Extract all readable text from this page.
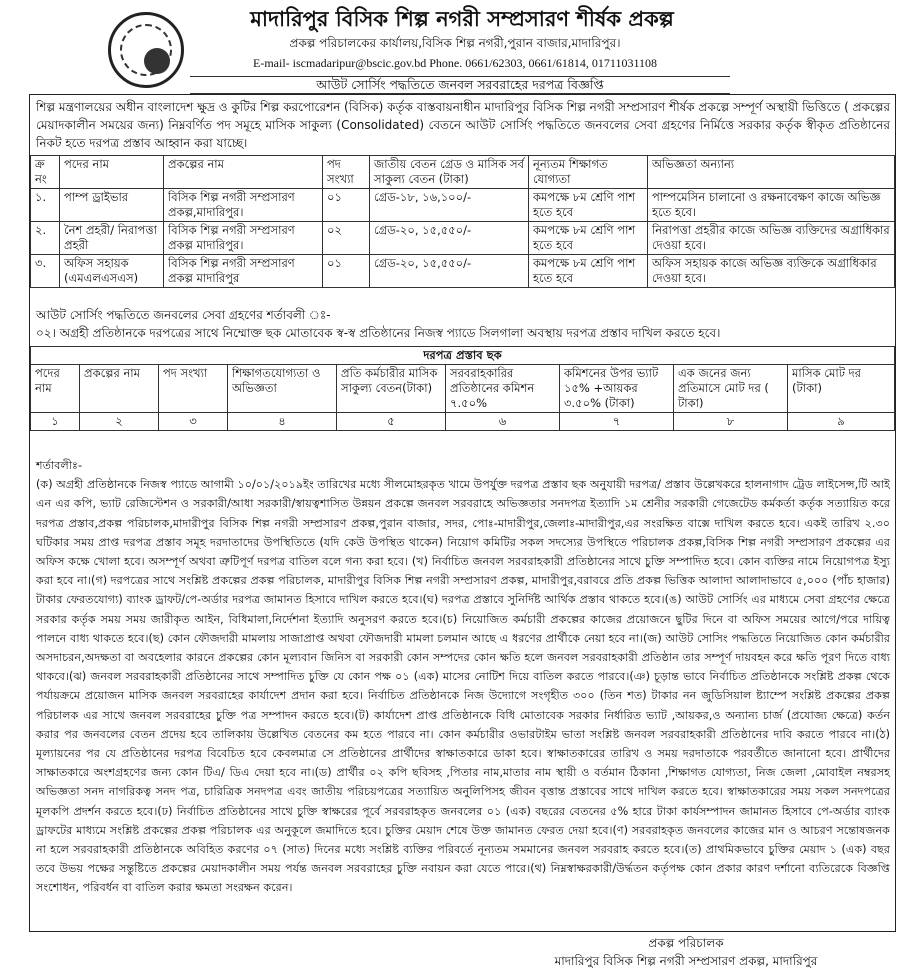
মাদারিপুর বিসিক শিল্প নগরী সম্প্রসারণ শীর্ষক প্রকল্প
প্রকল্প পরিচালকের কার্যালয়,বিসিক শিল্প নগরী,পুরান বাজার,মাদারিপুর।
E-mail- iscmadaripur@bscic.gov.bd Phone. 0661/62303, 0661/61814, 01711031108
আউট সোর্সিং পদ্ধতিতে জনবল সরবরাহের দরপত্র বিজ্ঞপ্তি
শিল্প মন্ত্রণালয়ের অধীন বাংলাদেশ ক্ষুদ্র ও কুটির শিল্প করপোরেশন (বিসিক) কর্তৃক বাস্তবায়নাধীন মাদারিপুর বিসিক শিল্প নগরী সম্প্রসারণ শীর্ষক প্রকল্পে সম্পূর্ণ অস্থায়ী ভিত্তিতে ( প্রকল্পের মেয়াদকালীন সময়ের জন্য) নিম্নবর্ণিত পদ সমূহে মাসিক সাকুল্য (Consolidated) বেতনে আউট সোর্সিং পদ্ধতিতে জনবলের সেবা গ্রহণের নির্মিত্তে সরকার কর্তৃক স্বীকৃত প্রতিষ্ঠানের নিকট হতে দরপত্র প্রস্তাব আহ্বান করা যাচ্ছে।
ক্র নং	পদের নাম	প্রকল্পের নাম	পদ সংখ্যা	জাতীয় বেতন গ্রেড ও মাসিক সর্ব সাকুল্য বেতন (টাকা)	নূন্যতম শিক্ষাগত যোগ্যতা	অভিজ্ঞতা অন্যান্য
১.	পাম্প ড্রাইভার	বিসিক শিল্প নগরী সম্প্রসারণ প্রকল্প,মাদারিপুর।	০১	গ্রেড-১৮, ১৬,১০০/-	কমপক্ষে ৮ম শ্রেণি পাশ হতে হবে	পাম্পমেসিন চালানো ও রক্ষনাবেক্ষণ কাজে অভিজ্ঞ হতে হবে।
২.	নৈশ প্রহরী/ নিরাপত্তা প্রহরী	বিসিক শিল্প নগরী সম্প্রসারণ প্রকল্প মাদারিপুর।	০২	গ্রেড-২০, ১৫,৫৫০/-	কমপক্ষে ৮ম শ্রেণি পাশ হতে হবে	নিরাপত্তা প্রহরীর কাজে অভিজ্ঞ ব্যক্তিদের অগ্রাধিকার দেওয়া হবে।
৩.	অফিস সহায়ক (এমএলএসএস)	বিসিক শিল্প নগরী সম্প্রসারণ প্রকল্প মাদারিপুর	০১	গ্রেড-২০, ১৫,৫৫০/-	কমপক্ষে ৮ম শ্রেণি পাশ হতে হবে	অফিস সহায়ক কাজে অভিজ্ঞ ব্যক্তিকে অগ্রাধিকার দেওয়া হবে।
আউট সোর্সিং পদ্ধতিতে জনবলের সেবা গ্রহণের শর্তাবলী ঃ-
০২। অগ্রহী প্রতিষ্ঠানকে দরপত্রের সাথে নিম্মোক্ত ছক মোতাবেক স্ব-স্ব প্রতিষ্ঠানের নিজস্ব প্যাডে সিলগালা অবস্থায় দরপত্র প্রস্তাব দাখিল করতে হবে।
দরপত্র প্রস্তাব ছক								
পদের নাম	প্রকল্পের নাম	পদ সংখ্যা	শিক্ষাগতযোগ্যতা ও অভিজ্ঞতা	প্রতি কর্মচারীর মাসিক সাকুল্য বেতন(টাকা)	সরবরাহকারির প্রতিষ্ঠানের কমিশন ৭.৫০%	কমিশনের উপর ভ্যাট ১৫% +আয়কর ৩.৫০% (টাকা)	এক জনের জন্য প্রতিমাসে মোট দর ( টাকা)	মাসিক মোট দর (টাকা)
১	২	৩	৪	৫	৬	৭	৮	৯
শর্তাবলীঃ-
(ক) অগ্রহী প্রতিষ্ঠানকে নিজস্ব প্যাডে আগামী ১০/০১/২০১৯ইং তারিখের মধ্যে সীলমোহরকৃত খামে উপর্যুক্ত দরপত্র প্রস্তাব ছক অনুযায়ী দরপত্র/ প্রস্তাব উল্লেখকরে হালনাগাদ ট্রেড লাইসেন্স,টি আই এন এর কপি, ভ্যাট রেজিস্টেশন ও সরকারী/আধা সরকারী/স্বায়ত্বশাসিত উন্নয়ন প্রকল্পে জনবল সরবরাহে অভিজ্ঞতার সনদপত্র ইত্যাদি ১ম শ্রেনীর সরকারী গেজেটেড কর্মকর্তা কর্তৃক সত্যায়িত করে দরপত্র প্রস্তাব,প্রকল্প পরিচালক,মাদারীপুর বিসিক শিল্প নগরী সম্প্রসারণ প্রকল্প,পুরান বাজার, সদর, পোঃ-মাদারীপুর,জেলাঃ-মাদারীপুর,এর সংরক্ষিত বাক্সে দাখিল করতে হবে। একই তারিখ ২.৩০ ঘটিকার সময় প্রাপ্ত দরপত্র প্রস্তাব সমূহ দরদাতাদের উপস্থিতিতে (যদি কেউ উপস্থিত থাকেন) নিয়োগ কমিটির সকল সদস্যের উপস্থিতে পরিচালক প্রকল্প,বিসিক শিল্প নগরী সম্প্রসারণ প্রকল্পের এর অফিস কক্ষে খোলা হবে। অসম্পূর্ণ অথবা ত্রুটিপূর্ণ দরপত্র বাতিল বলে গন্য করা হবে। (খ) নির্বাচিত জনবল সরবরাহকারী প্রতিষ্ঠানের সাথে চুক্তি সম্পাদিত হবে। কোন ব্যক্তির নামে নিয়োগপত্র ইস্যু করা হবে না।(গ) দরপত্রের সাথে সংশ্লিষ্ট প্রকল্পের প্রকল্প পরিচালক, মাদারীপুর বিসিক শিল্প নগরী সম্প্রসারণ প্রকল্প, মাদারীপুর,বরাবরে প্রতি প্রকল্প ভিত্তিক আলাদা আলাদাভাবে ৫,০০০ (পাঁচ হাজার) টাকার ফেরতযোগ্য) ব্যাংক ড্রাফট/পে-অর্ডার দরপত্র জামানত হিসাবে দাখিল করতে হবে।(ঘ) দরপত্র প্রস্তাবে সুনির্দিষ্ট আর্থিক প্রস্তাব থাকতে হবে।(ঙ) আউট সোর্সিং এর মাধ্যমে সেবা গ্রহণের ক্ষেত্রে সরকার কর্তৃক সময় সময় জারীকৃত আইন, বিধিমালা,নির্দেশনা ইত্যাদি অনুসরণ করতে হবে।(চ) নিয়োজিত কর্মচারী প্রকল্পের কাজের প্রয়োজনে ছুটির দিনে বা অফিস সময়ের আগে/পরে দায়িত্ব পালনে বাধ্য থাকতে হবে।(ছ) কোন ফৌজদারী মামলায় সাজাপ্রাপ্ত অথবা ফৌজদারী মামলা চলমান আছে এ ধরণের প্রার্থীকে নেয়া হবে না।(জ) আউট সোসিং পদ্ধতিতে নিয়োজিত কোন কর্মচারীর অসদাচরন,অদক্ষতা বা অবহেলার কারনে প্রকল্পের কোন মূল্যবান জিনিস বা সরকারী কোন সম্পদের কোন ক্ষতি হলে জনবল সরবরাহকারী প্রতিষ্ঠান তার সম্পূর্ণ দায়বহন করে ক্ষতি পূরণ দিতে বাধ্য থাকবে।(ঝ) জনবল সরবরাহকারী প্রতিষ্ঠানের সাথে সম্পাদিত চুক্তি যে কোন পক্ষ ০১ (এক) মাসের নোটিশ দিয়ে বাতিল করতে পারবে।(ঞ) চূড়ান্ত ভাবে নির্বাচিত প্রতিষ্ঠানকে সংশ্লিষ্ট প্রকল্প থেকে পর্যায়ক্রমে প্রয়োজন মাসিক জনবল সরবরাহের কার্যাদেশ প্রদান করা হবে। নির্বাচিত প্রতিষ্ঠানকে নিজ উদ্যোগে সংগৃহীত ৩০০ (তিন শত) টাকার নন জুডিসিয়াল ষ্ট্যাম্পে সংশ্লিষ্ট প্রকল্পের প্রকল্প পরিচালক এর সাথে জনবল সরবরাহের চুক্তি পত্র সম্পাদন করতে হবে।(ট) কার্যাদেশ প্রাপ্ত প্রতিষ্ঠানকে বিধি মোতাবেক সরকার নির্ধারিত ভ্যাট ,আয়কর,ও অন্যান্য চার্জ (প্রযোজ্য ক্ষেত্রে) কর্তন করার পর জনবলের বেতন প্রদেয় হবে তালিকায় উল্লেখিত বেতনের কম হতে পারবে না। কোন কর্মচারীর ওভারটাইম ভাতা সংশ্লিষ্ট জনবল সরবরাহকারী প্রতিষ্ঠানের দাবি করতে পারবে না।(ঠ) মূল্যায়নের পর যে প্রতিষ্ঠানের দরপত্র বিবেচিত হবে কেবলমাত্র সে প্রতিষ্ঠানের প্রার্থীদের স্বাক্ষাতকারে ডাকা হবে। স্বাক্ষাতকারের তারিখ ও সময় দরদাতাকে পরবর্তীতে জানানো হবে। প্রার্থীদের সাক্ষাতকারে অংশগ্রহণের জন্য কোন টিএ/ ডিএ দেয়া হবে না।(ড) প্রার্থীর ০২ কপি ছবিসহ ,পিতার নাম,মাতার নাম স্থায়ী ও বর্তমান ঠিকানা ,শিক্ষাগত যোগ্যতা, নিজ জেলা ,মোবাইল নম্বরসহ অভিজ্ঞতা সনদ নাগরিকত্ব সনদ পত্র, চারিত্রিক সনদপত্র এবং জাতীয় পরিচয়পত্রের সত্যায়িত অনুলিপিসহ জীবন বৃত্তান্ত প্রস্তাবের সাথে দাখিল করতে হবে। স্বাক্ষাতকারের সময় সকল সনদপত্রের মূলকপি প্রদর্শন করতে হবে।(ঢ) নির্বাচিত প্রতিষ্ঠানের সাথে চুক্তি স্বাক্ষরের পূর্বে সরবরাহকৃত জনবলের ০১ (এক) বছরের বেতনের ৫% হারে টাকা কার্যসম্পাদন জামানত হিসাবে পে-অর্ডার ব্যাংক ড্রাফটের মাধ্যমে সংশ্লিষ্ট প্রকল্পের প্রকল্প পরিচালক এর অনুকূলে জমাদিতে হবে। চুক্তির মেয়াদ শেষে উক্ত জামানত ফেরত দেয়া হবে।(ণ) সরবরাহকৃত জনবলের কাজের মান ও আচরণ সন্তোষজনক না হলে সরবরাহকারী প্রতিষ্ঠানকে অবিহিত করণের ০৭ (সাত) দিনের মধ্যে সংশ্লিষ্ট ব্যক্তির পরিবর্তে নূন্যতম সমমানের জনবল সরবরাহ করতে হবে।(ত) প্রাথমিকভাবে চুক্তির মেয়াদ ১ (এক) বছর তবে উভয় পক্ষের সন্তুষ্টিতে প্রকল্পের মেয়াদকালীন সময় পর্যন্ত জনবল সরবরাহের চুক্তি নবায়ন করা যেতে পারে।(থ) নিম্নস্বাক্ষরকারী/উর্দ্ধতন কর্তৃপক্ষ কোন প্রকার কারণ দর্শানো ব্যতিরেকে বিজ্ঞপ্তি সংশোধন, পরিবর্ধন বা বাতিল করার ক্ষমতা সংরক্ষন করেন।
প্রকল্প পরিচালক
মাদারিপুর বিসিক শিল্প নগরী সম্প্রসারণ প্রকল্প, মাদারিপুর
